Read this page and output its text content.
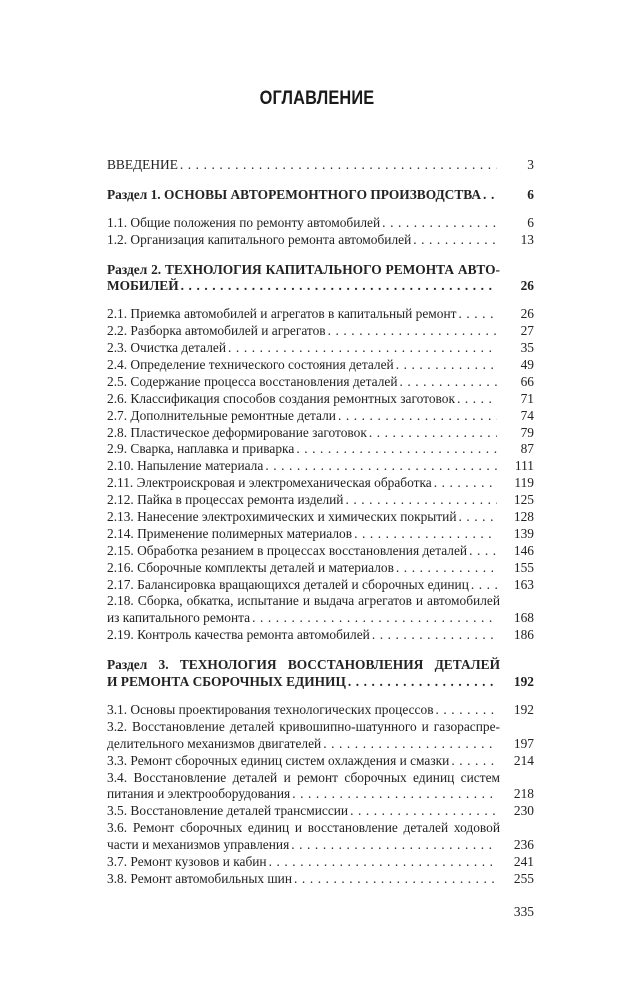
ОГЛАВЛЕНИЕ
ВВЕДЕНИЕ . . .	3
Раздел 1. ОСНОВЫ АВТОРЕМОНТНОГО ПРОИЗВОДСТВА . . .	6
1.1. Общие положения по ремонту автомобилей . . .	6
1.2. Организация капитального ремонта автомобилей . . .	13
Раздел 2. ТЕХНОЛОГИЯ КАПИТАЛЬНОГО РЕМОНТА АВТО-
МОБИЛЕЙ . . .	26
2.1. Приемка автомобилей и агрегатов в капитальный ремонт . . .	26
2.2. Разборка автомобилей и агрегатов . . .	27
2.3. Очистка деталей . . .	35
2.4. Определение технического состояния деталей . . .	49
2.5. Содержание процесса восстановления деталей . . .	66
2.6. Классификация способов создания ремонтных заготовок . . .	71
2.7. Дополнительные ремонтные детали . . .	74
2.8. Пластическое деформирование заготовок . . .	79
2.9. Сварка, наплавка и приварка . . .	87
2.10. Напыление материала . . .	111
2.11. Электроискровая и электромеханическая обработка . . .	119
2.12. Пайка в процессах ремонта изделий . . .	125
2.13. Нанесение электрохимических и химических покрытий . . .	128
2.14. Применение полимерных материалов . . .	139
2.15. Обработка резанием в процессах восстановления деталей . . .	146
2.16. Сборочные комплекты деталей и материалов . . .	155
2.17. Балансировка вращающихся деталей и сборочных единиц . . .	163
2.18. Сборка, обкатка, испытание и выдача агрегатов и автомобилей
из капитального ремонта . . .	168
2.19. Контроль качества ремонта автомобилей . . .	186
Раздел 3. ТЕХНОЛОГИЯ ВОССТАНОВЛЕНИЯ ДЕТАЛЕЙ
И РЕМОНТА СБОРОЧНЫХ ЕДИНИЦ . . .	192
3.1. Основы проектирования технологических процессов . . .	192
3.2. Восстановление деталей кривошипно-шатунного и газораспре-
делительного механизмов двигателей . . .	197
3.3. Ремонт сборочных единиц систем охлаждения и смазки . . .	214
3.4. Восстановление деталей и ремонт сборочных единиц систем
питания и электрооборудования . . .	218
3.5. Восстановление деталей трансмиссии . . .	230
3.6. Ремонт сборочных единиц и восстановление деталей ходовой
части и механизмов управления . . .	236
3.7. Ремонт кузовов и кабин . . .	241
3.8. Ремонт автомобильных шин . . .	255
335
